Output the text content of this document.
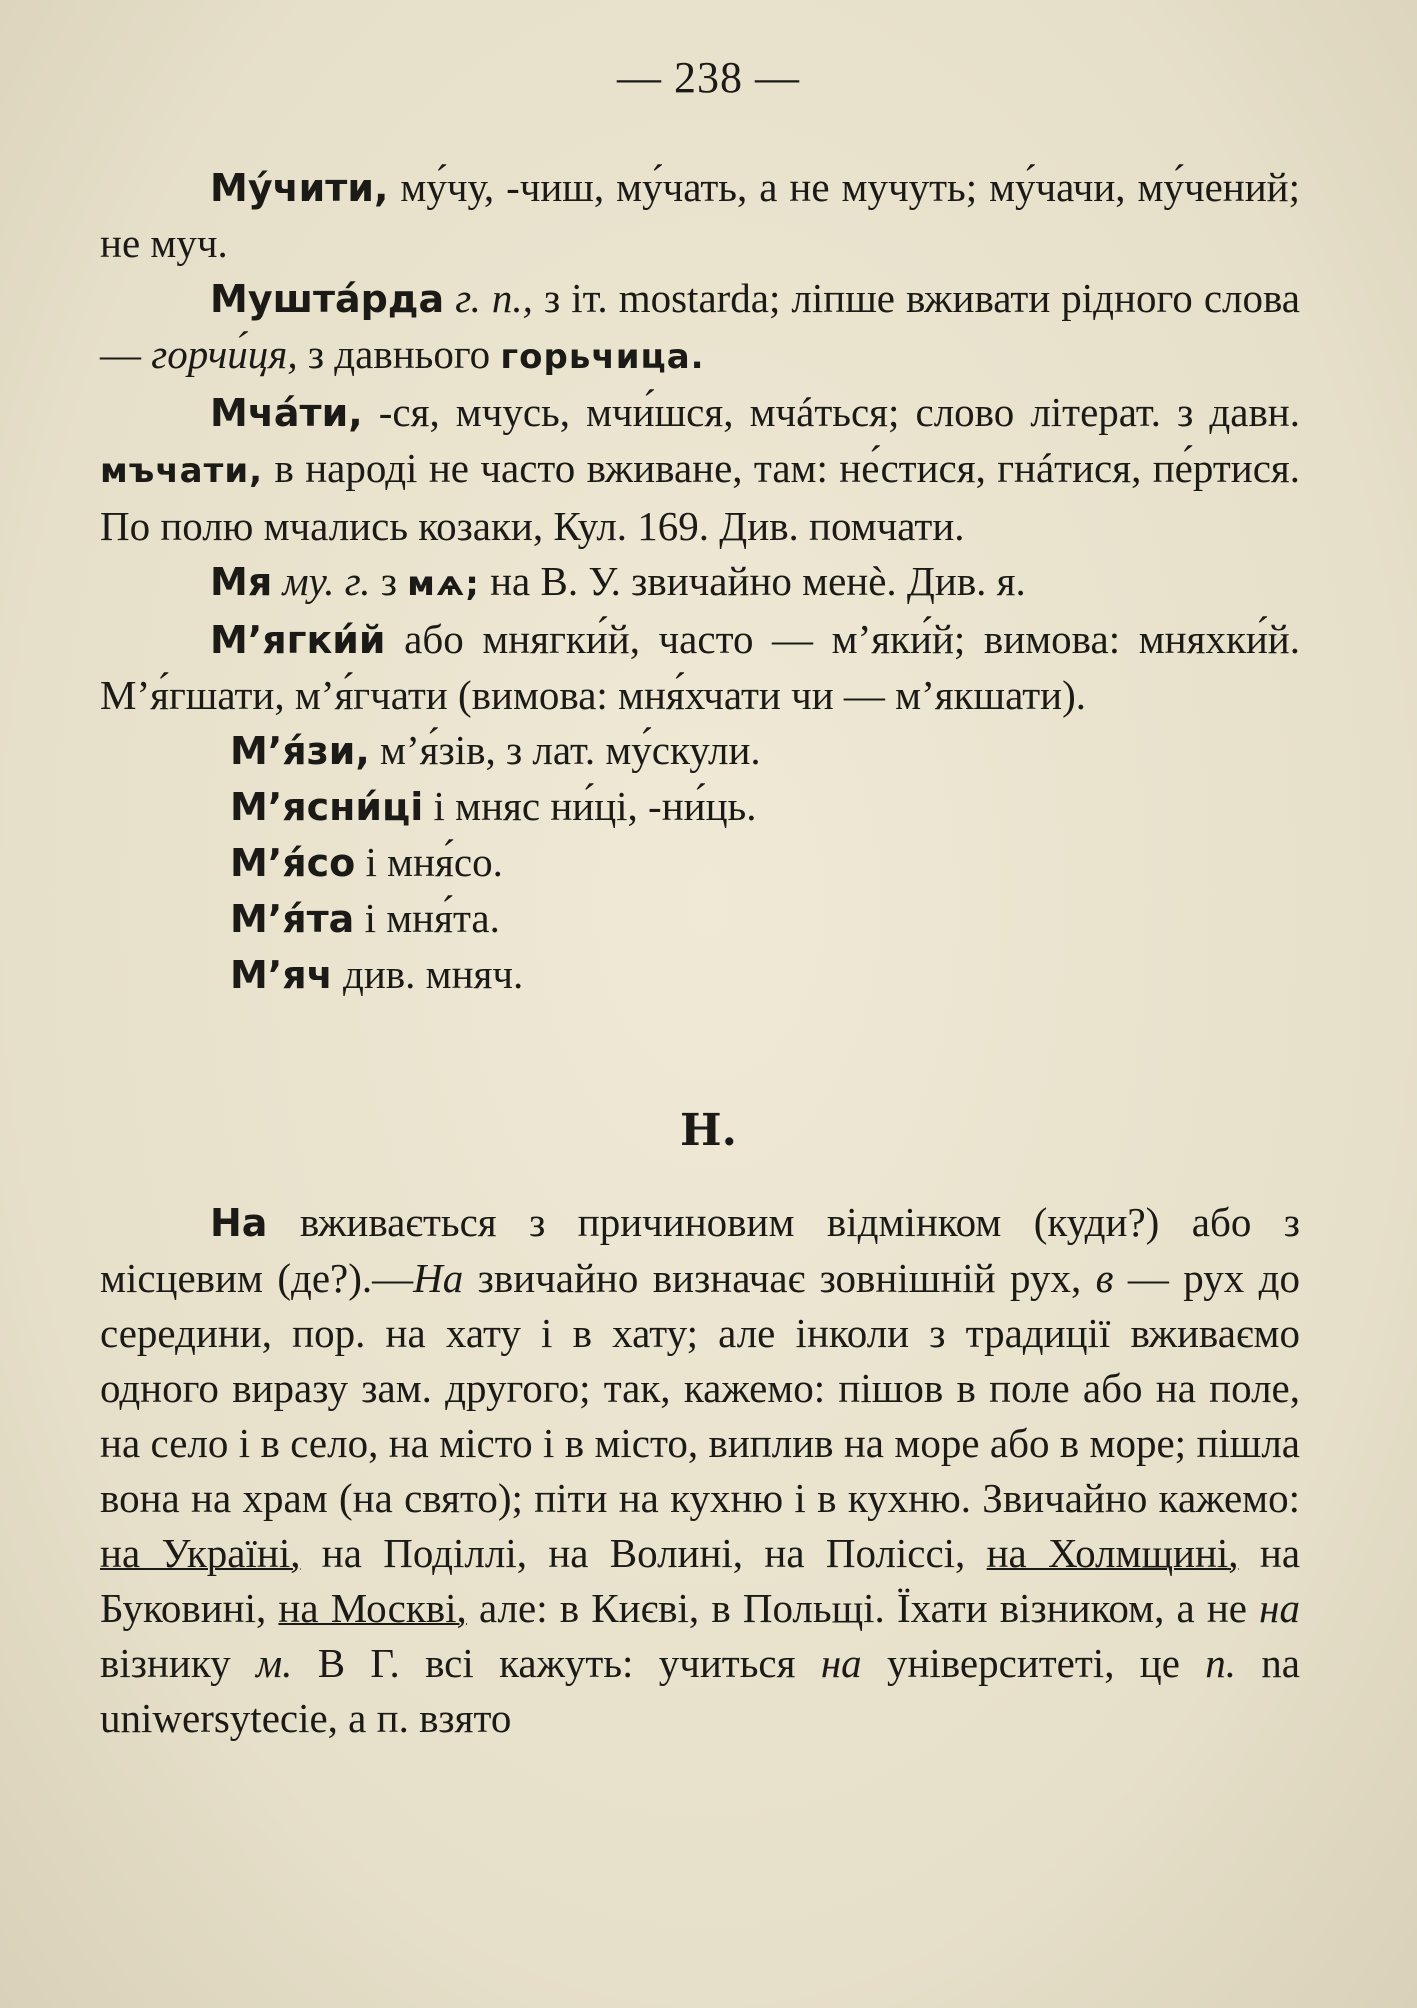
— 238 —

Му́чити, му́чу, -чиш, му́чать, а не мучуть; му́чачи, му́чений; не муч.

Муштáрда г. п., з іт. mostarda; ліпше вживати рідного слова — горчи́ця, з давнього горьчица.

Мчáти, -ся, мчусь, мчи́шся, мчáться; слово літерат. з давн. мъчати, в народі не часто вживане, там: не́стися, гнáтися, пе́ртися. По полю мчались козаки, Кул. 169. Див. помчати.

Мя му. г. з мѧ; на В. У. звичайно менѐ. Див. я.

М’ягки́й або мнягки́й, часто — м’яки́й; вимова: мняхки́й. М’я́гшати, м’я́гчати (вимова: мня́хчати чи — м’якшати).

М’я́зи, м’я́зів, з лат. му́скули.

М’ясни́ці і мняс ни́ці, -ни́ць.

М’я́со і мня́со.

М’я́та і мня́та.

М’яч див. мняч.

Н.

На вживається з причиновим відмінком (куди?) або з місцевим (де?).—На звичайно визначає зовнішній рух, в — рух до середини, пор. на хату і в хату; але інколи з традиції вживаємо одного виразу зам. другого; так, кажемо: пішов в поле або на поле, на село і в село, на місто і в місто, виплив на море або в море; пішла вона на храм (на свято); піти на кухню і в кухню. Звичайно кажемо: на Україні, на Поділлі, на Волині, на Поліссі, на Холмщині, на Буковині, на Москві, але: в Києві, в Польщі. Їхати візником, а не на візнику м. В Г. всі кажуть: учиться на університеті, це п. na uniwersytecie, а п. взято
